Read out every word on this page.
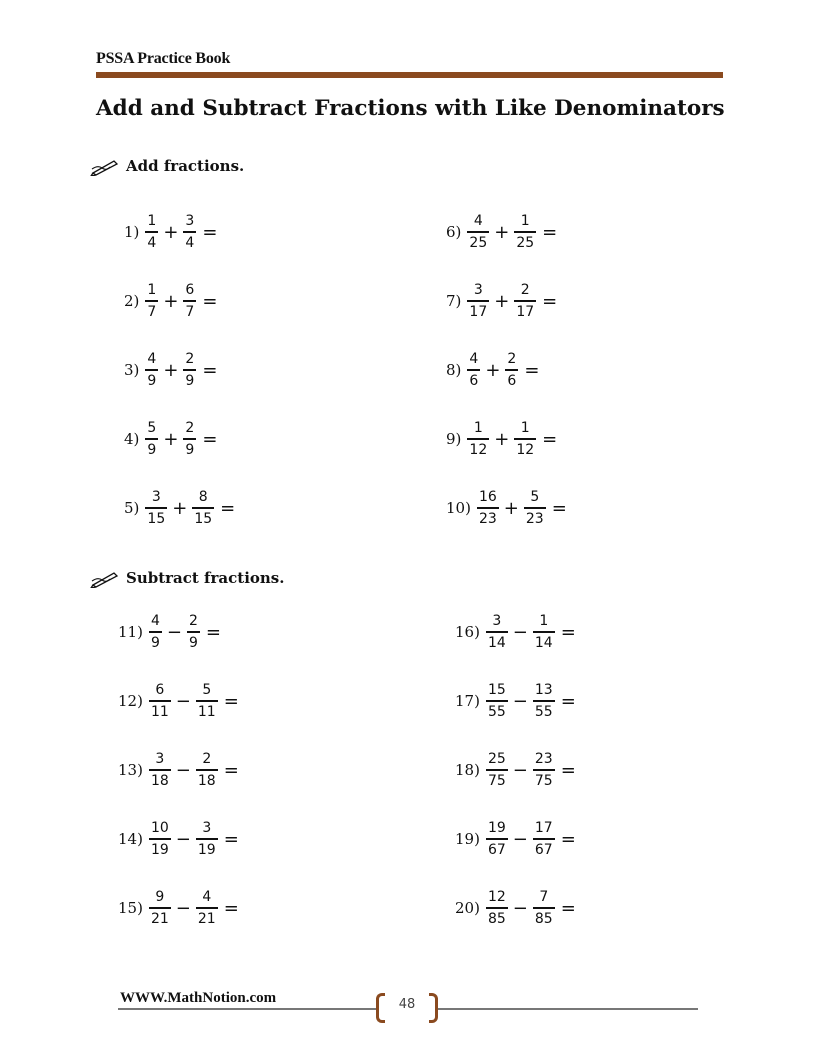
PSSA Practice Book
Add and Subtract Fractions with Like Denominators
Add fractions.
Subtract fractions.
$1) \frac{1}{4} + \frac{3}{4}$ =
$2) \frac{1}{7} + \frac{6}{7}$ =
$3) \frac{4}{9} + \frac{2}{9}$ =
$4) \frac{5}{9} + \frac{2}{9}$ =
$5) \frac{3}{15} + \frac{8}{15}$ =
$6) \frac{4}{25} + \frac{1}{25}$ =
$7) \frac{3}{17} + \frac{2}{17}$ =
$8) \frac{4}{6} + \frac{2}{6}$ =
$9) \frac{1}{12} + \frac{1}{12}$ =
$10) \frac{16}{23} + \frac{5}{23}$ =
$11) \frac{4}{9} - \frac{2}{9}$ =
$12) \frac{6}{11} - \frac{5}{11}$ =
$13) \frac{3}{18} - \frac{2}{18}$ =
$14) \frac{10}{19} - \frac{3}{19}$ =
$15) \frac{9}{21} - \frac{4}{21}$ =
$16) \frac{3}{14} - \frac{1}{14}$ =
$17) \frac{15}{55} - \frac{13}{55}$ =
$18) \frac{25}{75} - \frac{23}{75}$ =
$19) \frac{19}{67} - \frac{17}{67}$ =
$20) \frac{12}{85} - \frac{7}{85}$ =
WWW.MathNotion.com	48
